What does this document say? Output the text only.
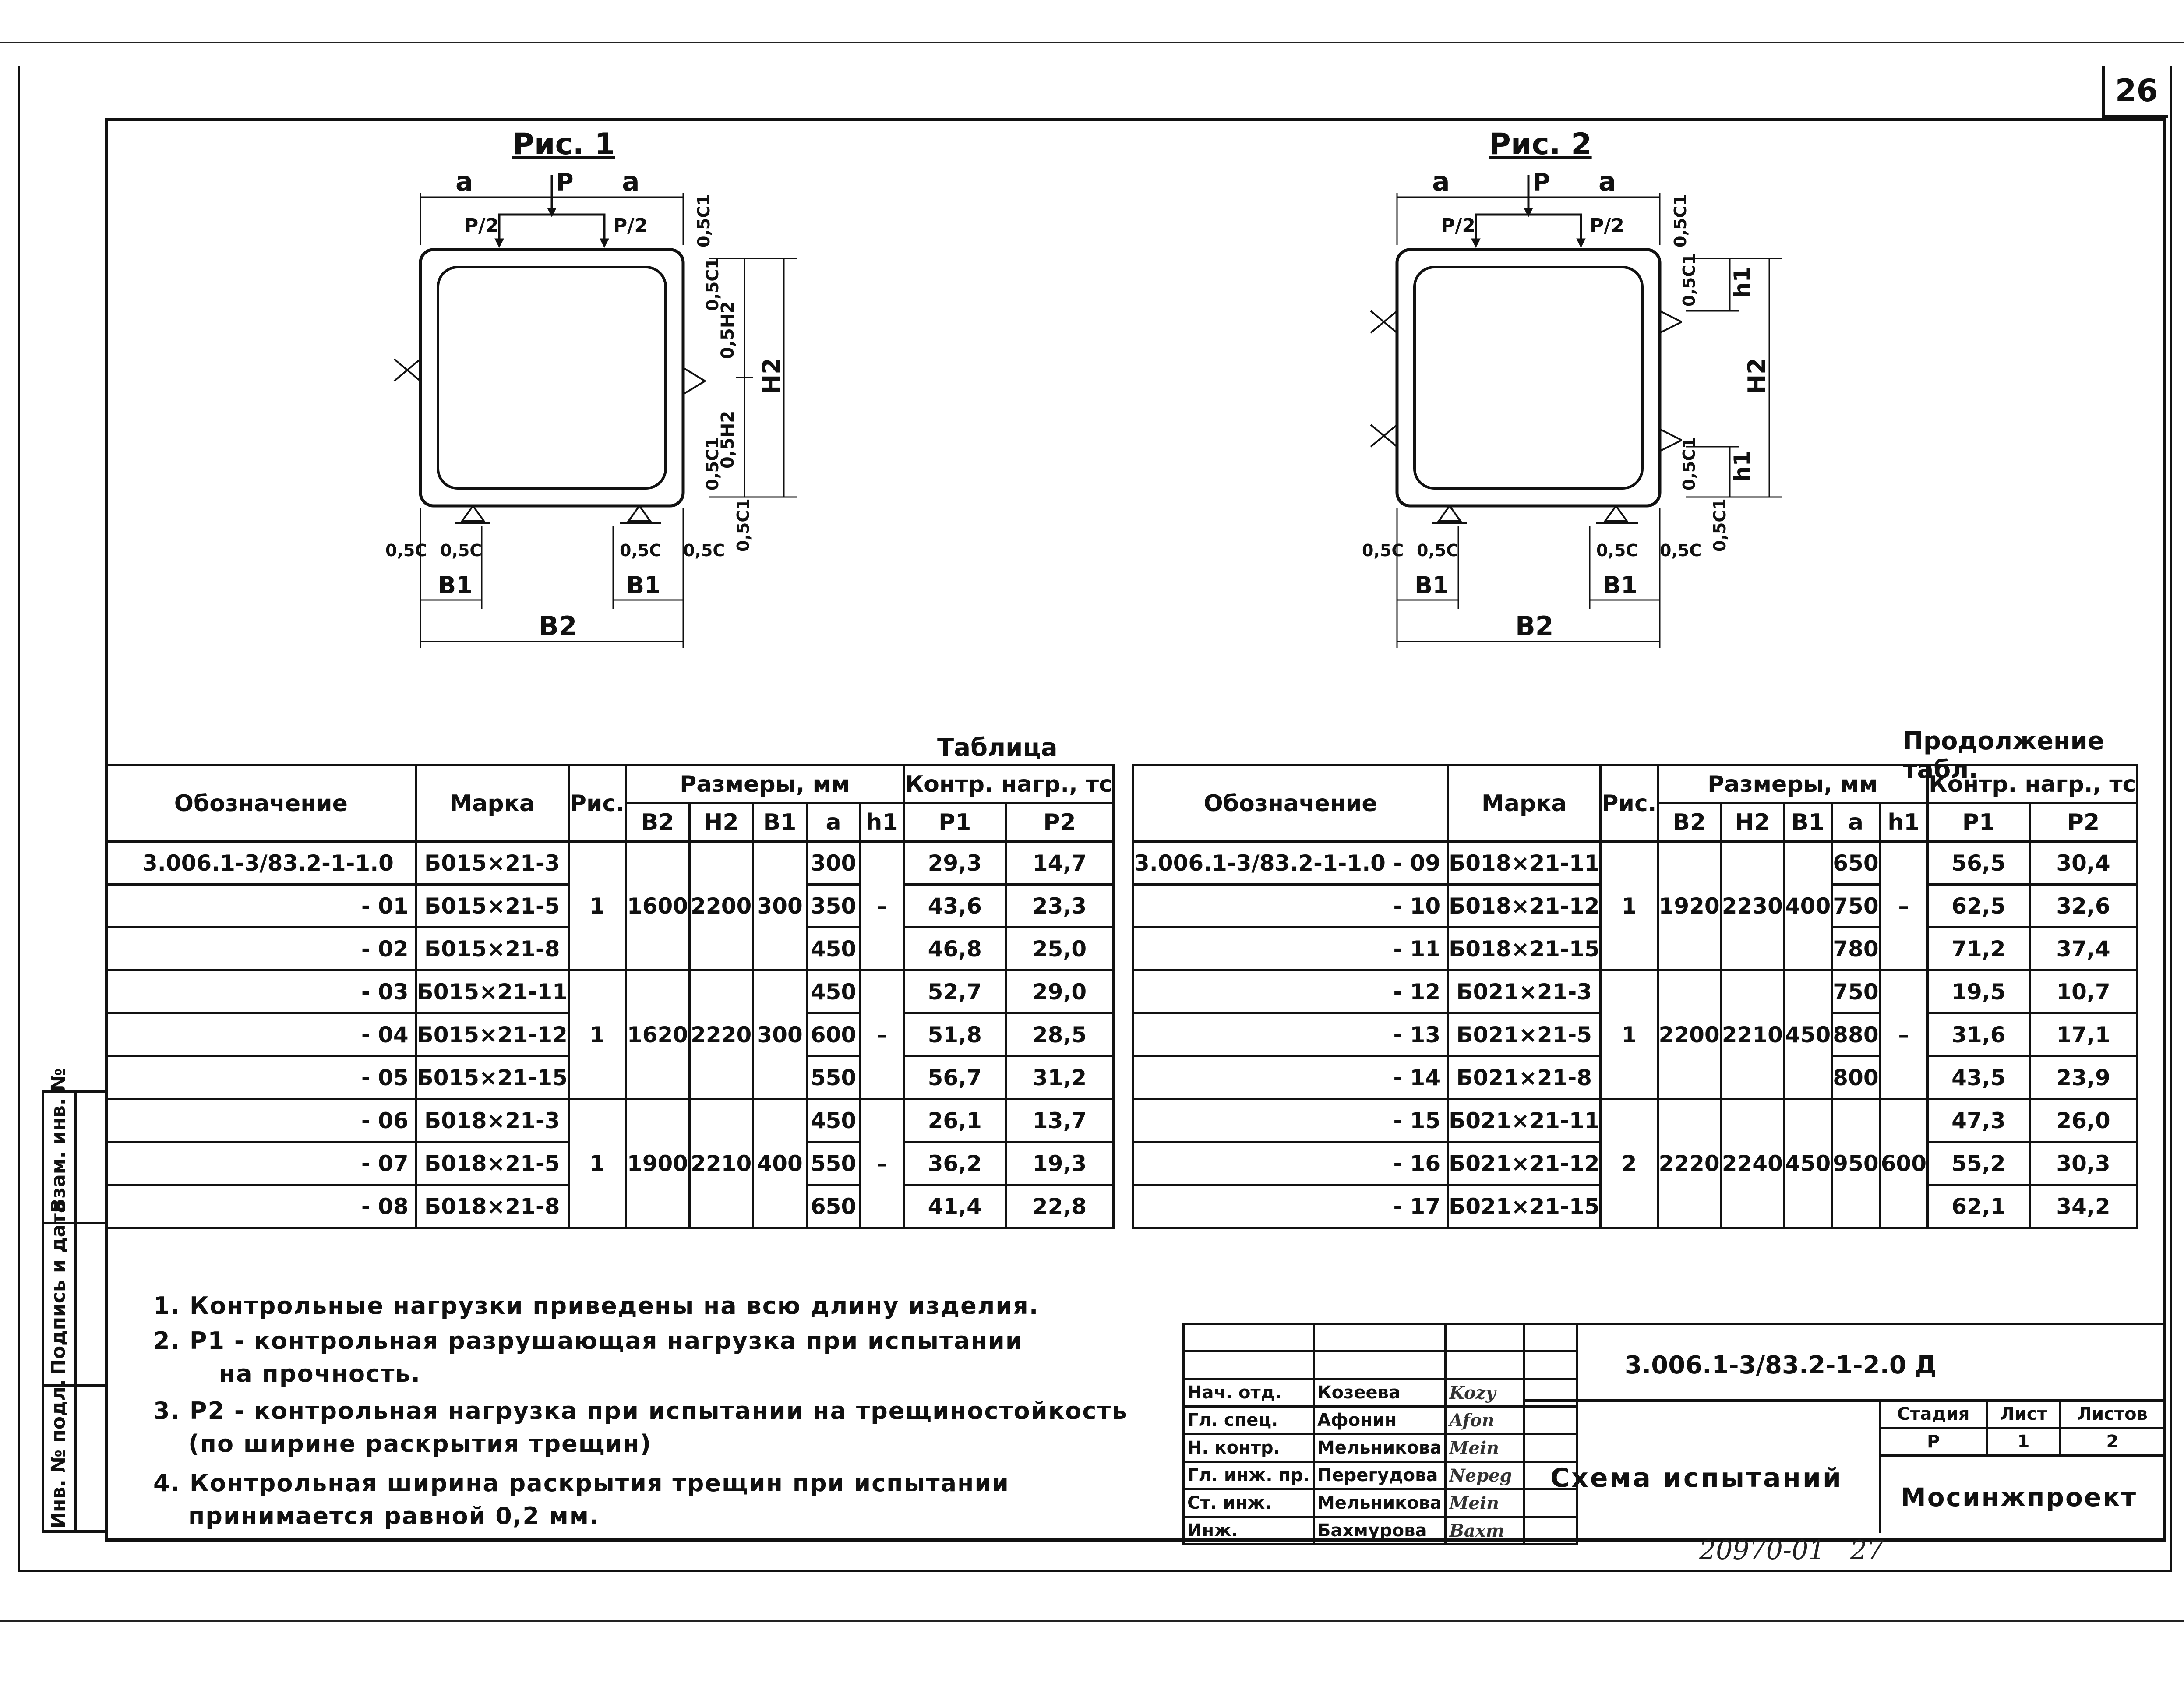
26
Рис. 1
a	a
P
P/2	P/2	0,5C1
0,5C1
0,5H2
H2
0,5H2
0,5C1
0,5C1
0,5C 0,5C	0,5C 0,5C
B1	B1
B2
Рис. 2
a	a
P
P/2	P/2	0,5C1
0,5C1 h1
H2
0,5C1 h1
0,5C1
0,5C 0,5C	0,5C 0,5C
B1	B1
B2
Таблица	Продолжение табл.
Обозначение	Марка	Рис.	Размеры, мм					Контр. нагр., тс	
			B2	H2	B1	a	h1	P1	P2
3.006.1-3/83.2-1-1.0	Б015×21-3	1	1600	2200	300	300	–	29,3	14,7
- 01	Б015×21-5					350		43,6	23,3
- 02	Б015×21-8					450		46,8	25,0
- 03	Б015×21-11	1	1620	2220	300	450	–	52,7	29,0
- 04	Б015×21-12					600		51,8	28,5
- 05	Б015×21-15					550		56,7	31,2
- 06	Б018×21-3	1	1900	2210	400	450	–	26,1	13,7
- 07	Б018×21-5					550		36,2	19,3
- 08	Б018×21-8					650		41,4	22,8
Обозначение	Марка	Рис.	Размеры, мм					Контр. нагр., тс	
			B2	H2	B1	a	h1	P1	P2
3.006.1-3/83.2-1-1.0 - 09	Б018×21-11	1	1920	2230	400	650	–	56,5	30,4
- 10	Б018×21-12					750		62,5	32,6
- 11	Б018×21-15					780		71,2	37,4
- 12	Б021×21-3	1	2200	2210	450	750	–	19,5	10,7
- 13	Б021×21-5					880		31,6	17,1
- 14	Б021×21-8					800		43,5	23,9
- 15	Б021×21-11	2	2220	2240	450	950	600	47,3	26,0
- 16	Б021×21-12							55,2	30,3
- 17	Б021×21-15							62,1	34,2
Взам. инв. №
Подпись и дата
Инв. № подл.
1. Контрольные нагрузки приведены на всю длину изделия.
2. P1 - контрольная разрушающая нагрузка при испытании
на прочность.
3. P2 - контрольная нагрузка при испытании на трещиностойкость
(по ширине раскрытия трещин)
4. Контрольная ширина раскрытия трещин при испытании
принимается равной 0,2 мм.

Нач. отд.	Козеева	Kozy	
Гл. спец.	Афонин	Afon	
Н. контр.	Мельникова	Mein	
Гл. инж. пр.	Перегудова	Nepeg	
Ст. инж.	Мельникова	Mein	
Инж.	Бахмурова	Baxm	
3.006.1-3/83.2-1-2.0 Д
Схема испытаний
Стадия	Лист	Листов
Р	1	2
Мосинжпроект
20970-01   27
